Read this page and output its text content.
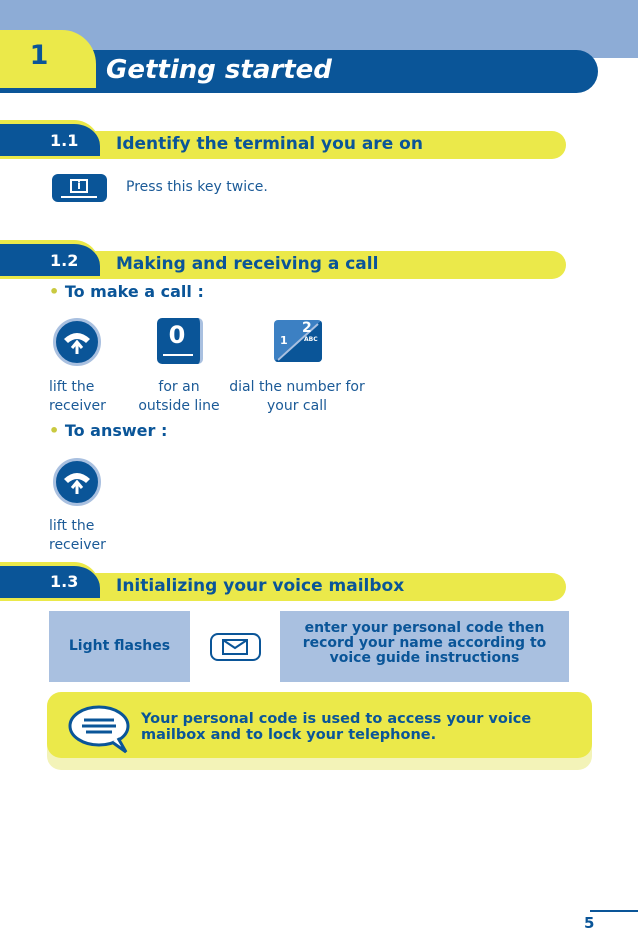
1	Getting started
1.1 Identify the terminal you are on
i	Press this key twice.
1.2 Making and receiving a call
• To make a call :
0	1
2
ABC
lift the
receiver
for an
outside line
dial the number for
your call
• To answer :
lift the
receiver
1.3 Initializing your voice mailbox
Light flashes
enter your personal code then record your name according to voice guide instructions
Your personal code is used to access your voice mailbox and to lock your telephone.
5
